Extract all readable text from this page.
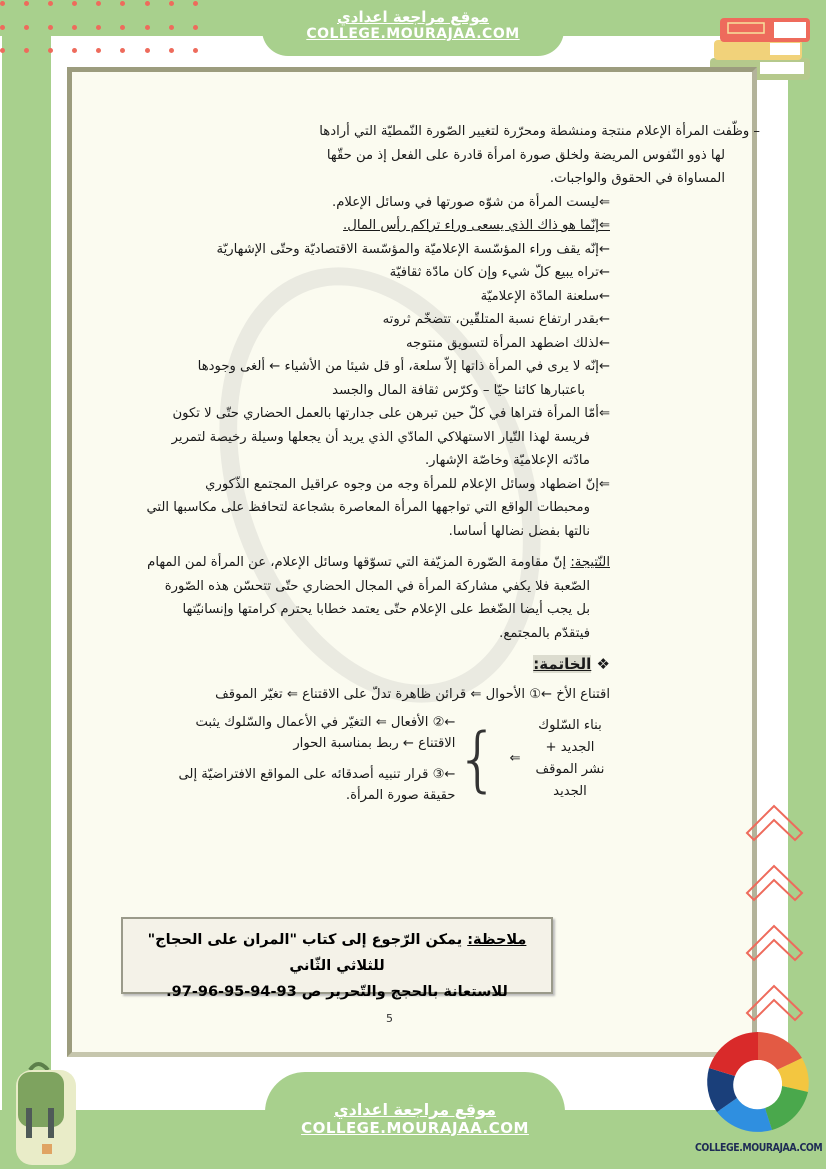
موقع مراجعة اعدادي
COLLEGE.MOURAJAA.COM
– وظّفت المرأة الإعلام منتجة ومنشطة ومحرّرة لتغيير الصّورة النّمطيّة التي أرادها
لها ذوو النّفوس المريضة ولخلق صورة امرأة قادرة على الفعل إذ من حقّها
المساواة في الحقوق والواجبات.
⇐ليست المرأة من شوّه صورتها في وسائل الإعلام.
⇐إنّما هو ذاك الذي يسعى وراء تراكم رأس المال.
←إنّه يقف وراء المؤسّسة الإعلاميّة والمؤسّسة الاقتصاديّة وحتّى الإشهاريّة
←تراه يبيع كلّ شيء وإن كان مادّة ثقافيّة
←سلعنة المادّة الإعلاميّة
←بقدر ارتفاع نسبة المتلقّين، تتضخّم ثروته
←لذلك اضطهد المرأة لتسويق منتوجه
←إنّه لا يرى في المرأة ذاتها إلاّ سلعة، أو قل شيئا من الأشياء ← ألغى وجودها
باعتبارها كائنا حيّا – وكرّس ثقافة المال والجسد
⇐أمّا المرأة فتراها في كلّ حين تبرهن على جدارتها بالعمل الحضاري حتّى لا تكون
فريسة لهذا التّيار الاستهلاكي المادّي الذي يريد أن يجعلها وسيلة رخيصة لتمرير
مادّته الإعلاميّة وخاصّة الإشهار.
⇐إنّ اضطهاد وسائل الإعلام للمرأة وجه من وجوه عراقيل المجتمع الذّكوري
ومحبطات الواقع التي تواجهها المرأة المعاصرة بشجاعة لتحافظ على مكاسبها التي
نالتها بفضل نضالها أساسا.
النّتيجة: إنّ مقاومة الصّورة المزيّفة التي تسوّقها وسائل الإعلام، عن المرأة لمن المهام
الصّعبة فلا يكفي مشاركة المرأة في المجال الحضاري حتّى تتحسّن هذه الصّورة
بل يجب أيضا الضّغط على الإعلام حتّى يعتمد خطابا يحترم كرامتها وإنسانيّتها
فيتقدّم بالمجتمع.
❖ الخاتمة:
اقتناع الأخ ←① الأحوال ⇐ قرائن ظاهرة تدلّ على الاقتناع ⇐ تغيّر الموقف
بناء السّلوك
الجديد +
نشر الموقف
الجديد
⇐
}
←② الأفعال ⇐ التغيّر في الأعمال والسّلوك يثبت الاقتناع ← ربط بمناسبة الحوار
←③ قرار تنبيه أصدقائه على المواقع الافتراضيّة إلى حقيقة صورة المرأة.
ملاحظة: يمكن الرّجوع إلى كتاب "المران على الحجاج" للثلاثي الثّاني
للاستعانة بالحجج والتّحرير ص 93-94-95-96-97.
5
موقع مراجعة اعدادي
COLLEGE.MOURAJAA.COM
COLLEGE.MOURAJAA.COM
